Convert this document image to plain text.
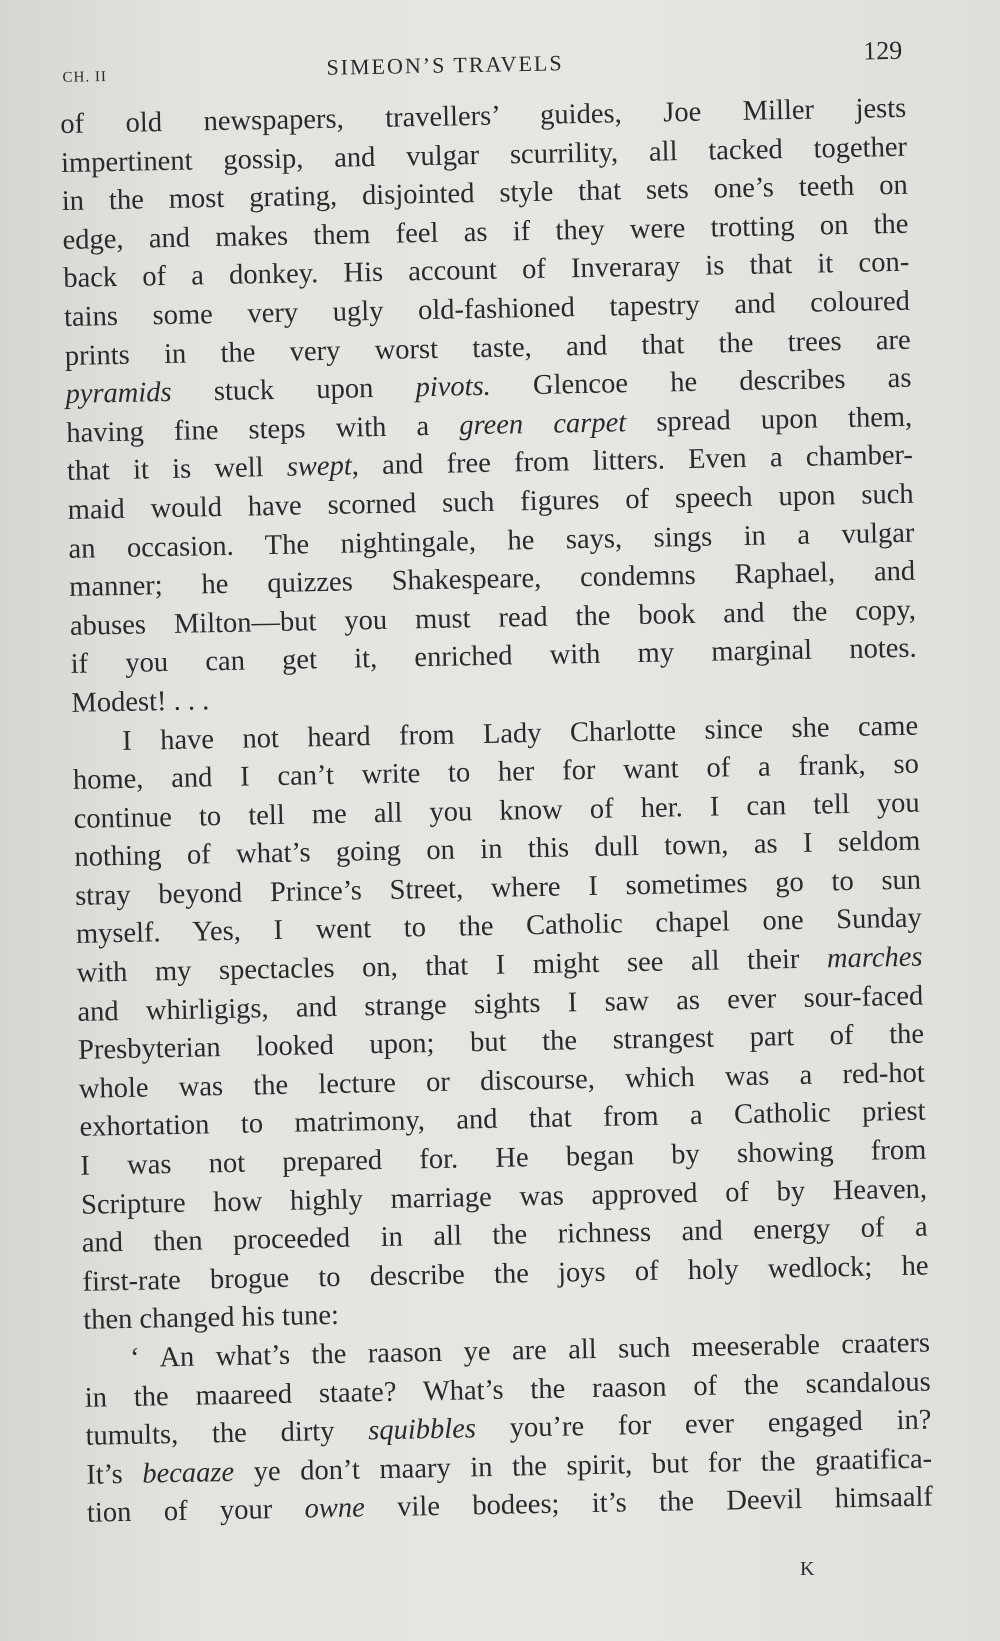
CH. II	SIMEON’S TRAVELS	129
of old newspapers, travellers’ guides, Joe Miller jests
impertinent gossip, and vulgar scurrility, all tacked together
in the most grating, disjointed style that sets one’s teeth on
edge, and makes them feel as if they were trotting on the
back of a donkey. His account of Inveraray is that it con-
tains some very ugly old-fashioned tapestry and coloured
prints in the very worst taste, and that the trees are
pyramids stuck upon pivots. Glencoe he describes as
having fine steps with a green carpet spread upon them,
that it is well swept, and free from litters. Even a chamber-
maid would have scorned such figures of speech upon such
an occasion. The nightingale, he says, sings in a vulgar
manner; he quizzes Shakespeare, condemns Raphael, and
abuses Milton—but you must read the book and the copy,
if you can get it, enriched with my marginal notes.
Modest! . . .
I have not heard from Lady Charlotte since she came
home, and I can’t write to her for want of a frank, so
continue to tell me all you know of her. I can tell you
nothing of what’s going on in this dull town, as I seldom
stray beyond Prince’s Street, where I sometimes go to sun
myself. Yes, I went to the Catholic chapel one Sunday
with my spectacles on, that I might see all their marches
and whirligigs, and strange sights I saw as ever sour-faced
Presbyterian looked upon; but the strangest part of the
whole was the lecture or discourse, which was a red-hot
exhortation to matrimony, and that from a Catholic priest
I was not prepared for. He began by showing from
Scripture how highly marriage was approved of by Heaven,
and then proceeded in all the richness and energy of a
first-rate brogue to describe the joys of holy wedlock; he
then changed his tune:
‘ An what’s the raason ye are all such meeserable craaters
in the maareed staate? What’s the raason of the scandalous
tumults, the dirty squibbles you’re for ever engaged in?
It’s becaaze ye don’t maary in the spirit, but for the graatifica-
tion of your owne vile bodees; it’s the Deevil himsaalf
K
